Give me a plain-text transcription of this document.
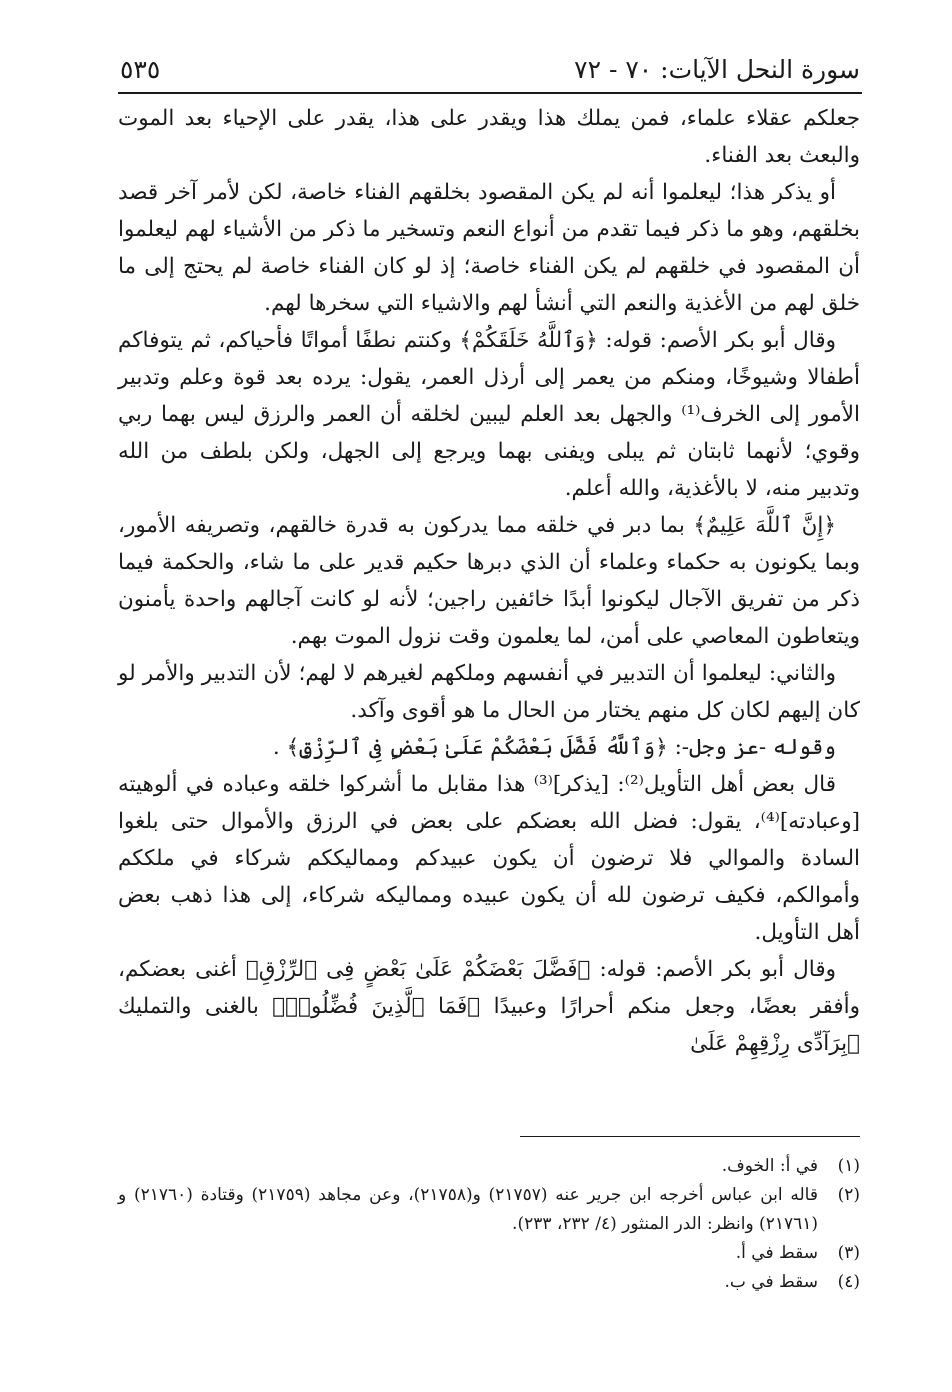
سورة النحل الآيات: ٧٠ - ٧٢
٥٣٥

جعلكم عقلاء علماء، فمن يملك هذا ويقدر على هذا، يقدر على الإحياء بعد الموت والبعث بعد الفناء.

أو يذكر هذا؛ ليعلموا أنه لم يكن المقصود بخلقهم الفناء خاصة، لكن لأمر آخر قصد بخلقهم، وهو ما ذكر فيما تقدم من أنواع النعم وتسخير ما ذكر من الأشياء لهم ليعلموا أن المقصود في خلقهم لم يكن الفناء خاصة؛ إذ لو كان الفناء خاصة لم يحتج إلى ما خلق لهم من الأغذية والنعم التي أنشأ لهم والاشياء التي سخرها لهم.

وقال أبو بكر الأصم: قوله: ﴿وَٱللَّهُ خَلَقَكُمْ﴾ وكنتم نطفًا أمواتًا فأحياكم، ثم يتوفاكم أطفالا وشيوخًا، ومنكم من يعمر إلى أرذل العمر، يقول: يرده بعد قوة وعلم وتدبير الأمور إلى الخرف⁽¹⁾ والجهل بعد العلم ليبين لخلقه أن العمر والرزق ليس بهما ربي وقوي؛ لأنهما ثابتان ثم يبلى ويفنى بهما ويرجع إلى الجهل، ولكن بلطف من الله وتدبير منه، لا بالأغذية، والله أعلم.

﴿إِنَّ ٱللَّهَ عَلِيمٌ﴾ بما دبر في خلقه مما يدركون به قدرة خالقهم، وتصريفه الأمور، وبما يكونون به حكماء وعلماء أن الذي دبرها حكيم قدير على ما شاء، والحكمة فيما ذكر من تفريق الآجال ليكونوا أبدًا خائفين راجين؛ لأنه لو كانت آجالهم واحدة يأمنون ويتعاطون المعاصي على أمن، لما يعلمون وقت نزول الموت بهم.

والثاني: ليعلموا أن التدبير في أنفسهم وملكهم لغيرهم لا لهم؛ لأن التدبير والأمر لو كان إليهم لكان كل منهم يختار من الحال ما هو أقوى وآكد.

وقوله -عز وجل-: ﴿وَٱللَّهُ فَضَّلَ بَعْضَكُمْ عَلَىٰ بَعْضٍ فِى ٱلرِّزْقِ﴾ .

قال بعض أهل التأويل⁽²⁾: [يذكر]⁽³⁾ هذا مقابل ما أشركوا خلقه وعباده في ألوهيته [وعبادته]⁽⁴⁾، يقول: فضل الله بعضكم على بعض في الرزق والأموال حتى بلغوا السادة والموالي فلا ترضون أن يكون عبيدكم ومماليككم شركاء في ملككم وأموالكم، فكيف ترضون لله أن يكون عبيده ومماليكه شركاء، إلى هذا ذهب بعض أهل التأويل.

وقال أبو بكر الأصم: قوله: ﴿فَضَّلَ بَعْضَكُمْ عَلَىٰ بَعْضٍ فِى ٱلرِّزْقِ﴾ أغنى بعضكم، وأفقر بعضًا، وجعل منكم أحرارًا وعبيدًا ﴿فَمَا ٱلَّذِينَ فُضِّلُوا۟﴾ بالغنى والتمليك ﴿بِرَآدِّى رِزْقِهِمْ عَلَىٰ

(١)
في أ: الخوف.
(٢)
قاله ابن عباس أخرجه ابن جرير عنه (٢١٧٥٧) و(٢١٧٥٨)، وعن مجاهد (٢١٧٥٩) وقتادة (٢١٧٦٠) و (٢١٧٦١) وانظر: الدر المنثور (٤/ ٢٣٢، ٢٣٣).
(٣)
سقط في أ.
(٤)
سقط في ب.
